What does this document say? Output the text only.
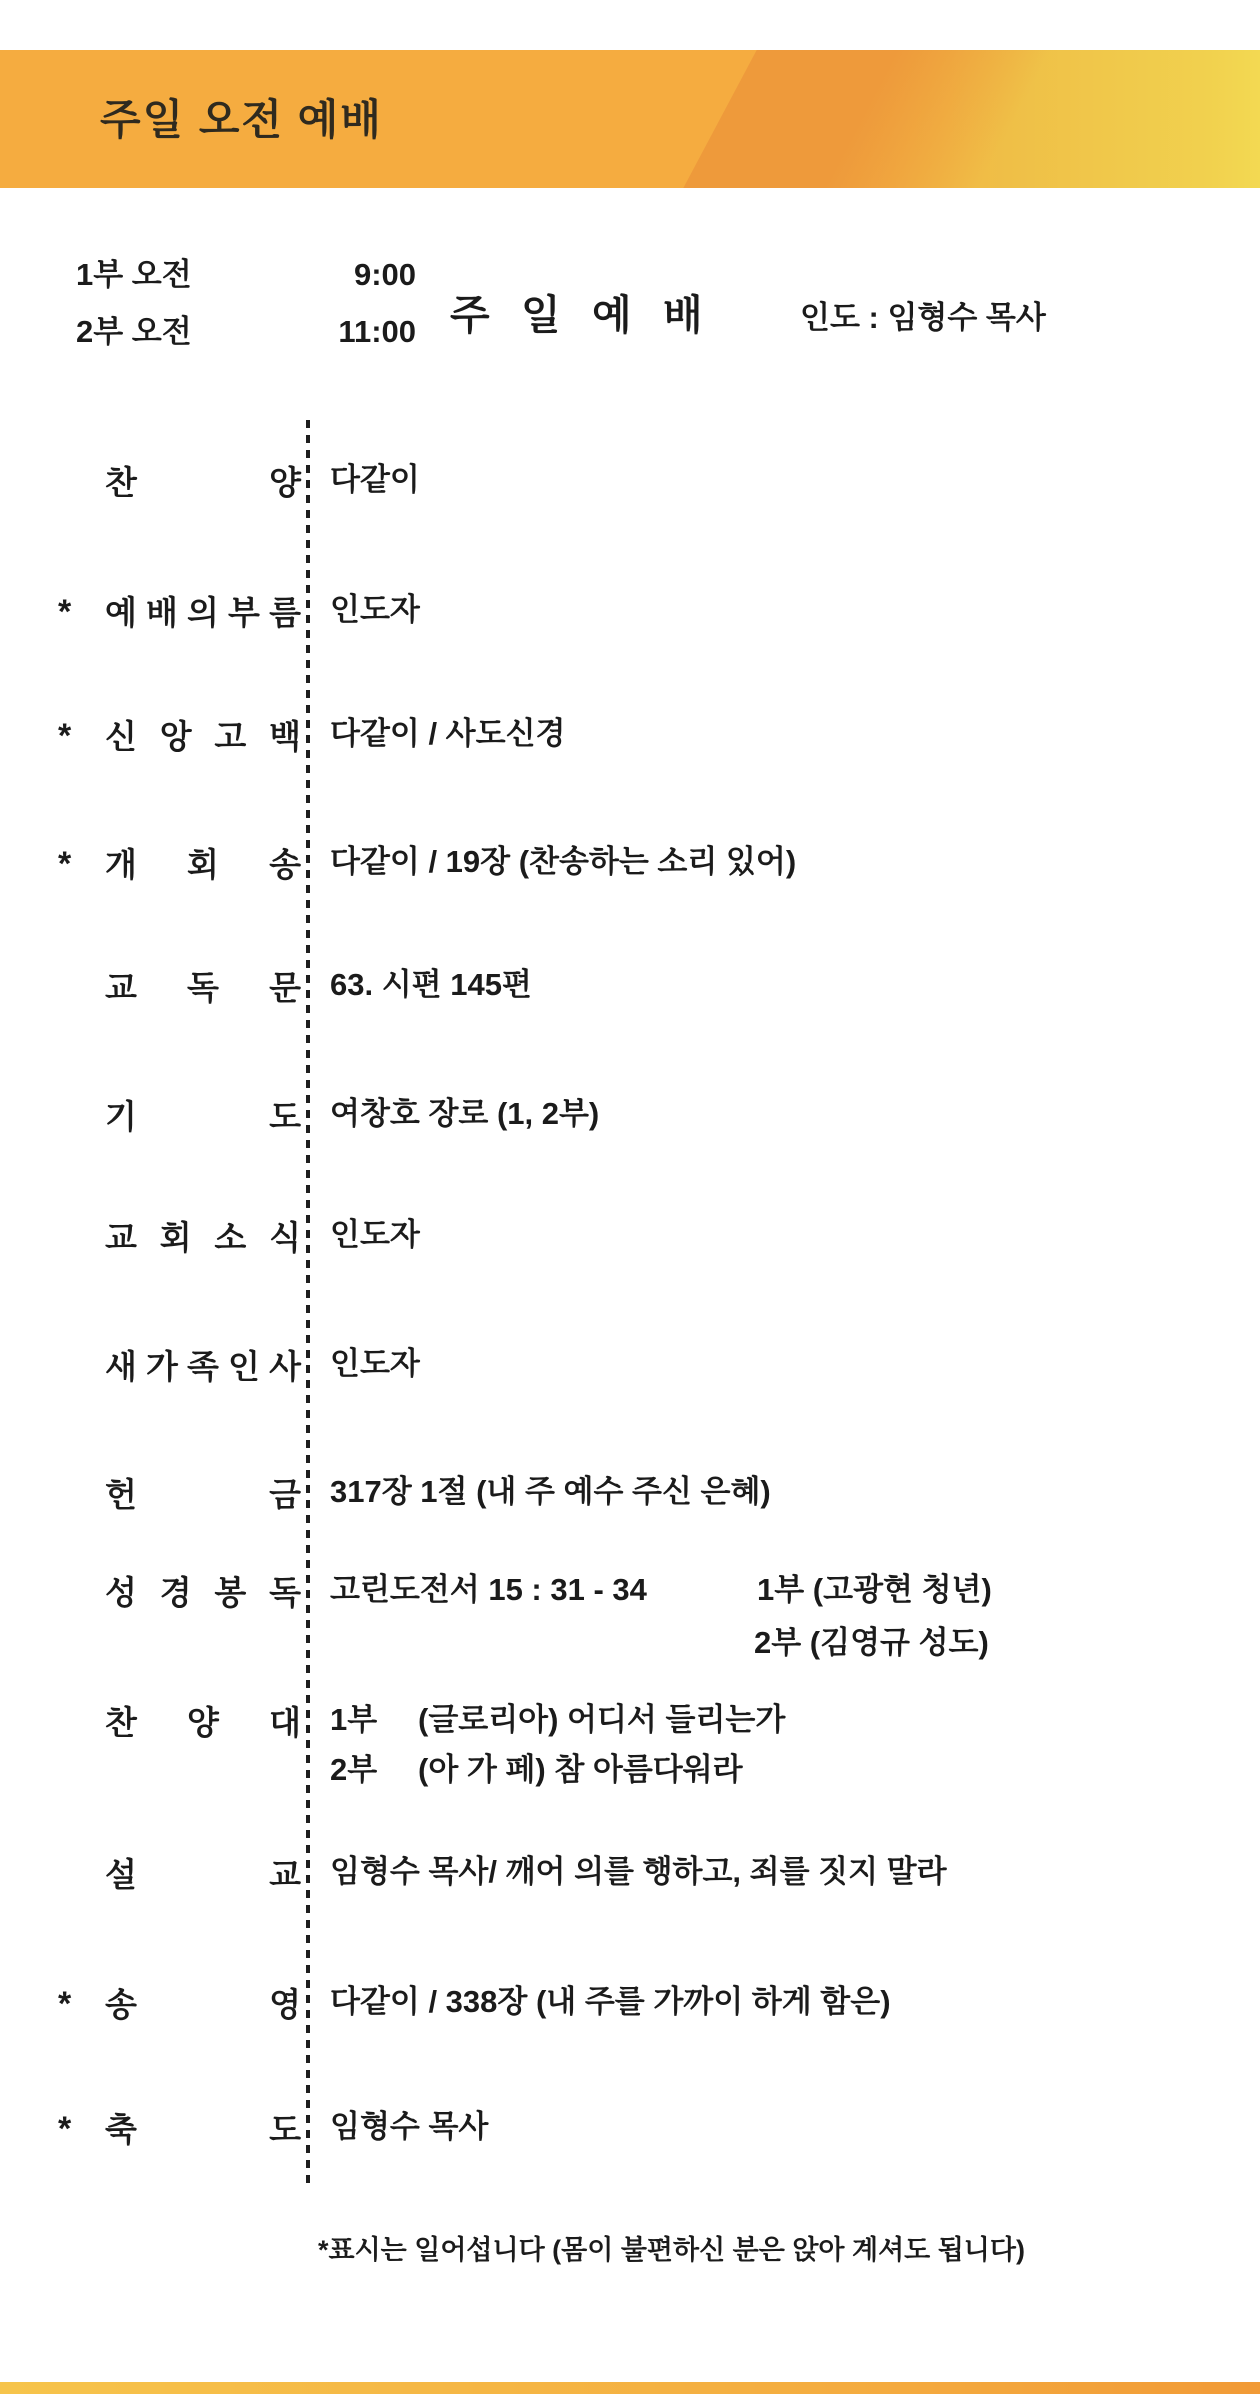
주일 오전 예배
1부 오전	9:00
2부 오전	11:00 주 일 예 배	인도 : 임형수 목사
찬	양 다같이
* 예 배 의 부 름 인도자
* 신 앙 고 백 다같이 / 사도신경
* 개 회 송 다같이 / 19장 (찬송하는 소리 있어)
교 독 문 63. 시편 145편
기	도 여창호 장로 (1, 2부)
교 회 소 식 인도자
새 가 족 인 사 인도자
헌	금 317장 1절 (내 주 예수 주신 은혜)
성 경 봉 독 고린도전서 15 : 31 - 34	1부 (고광현 청년)
2부 (김영규 성도)
찬 양 대 1부 (글로리아) 어디서 들리는가
2부 (아 가 페) 참 아름다워라
설	교 임형수 목사/ 깨어 의를 행하고, 죄를 짓지 말라
* 송	영 다같이 / 338장 (내 주를 가까이 하게 함은)
* 축	도 임형수 목사
*표시는 일어섭니다 (몸이 불편하신 분은 앉아 계셔도 됩니다)
